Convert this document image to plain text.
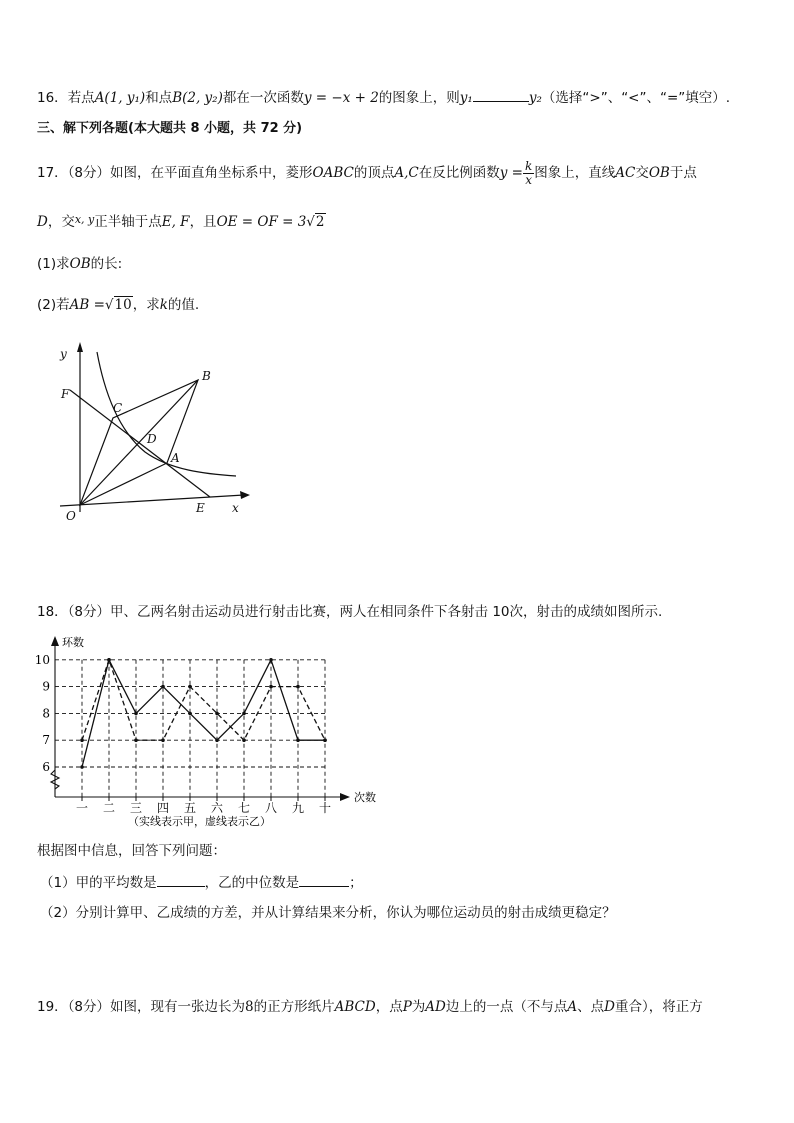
16．若点A(1, y₁)和点B(2, y₂)都在一次函数y = −x + 2的图象上，则y₁	y₂（选择“>”、“<”、“=”填空）.
三、解下列各题(本大题共 8 小题，共 72 分)
17．（8分）如图，在平面直角坐标系中，菱形OABC的顶点A,C在反比例函数$y = \frac{k}{x}$ 图象上，直线AC交OB于点
D，交$^{x, y}$正半轴于点E, F，且OE = OF = 3√2
(1)求OB的长:
(2)若AB =√10，求k的值.
y
x
O
A
B
C
D
E
F
18．（8分）甲、乙两名射击运动员进行射击比赛，两人在相同条件下各射击 10次，射击的成绩如图所示.
环数
次数
6
7
8
9
10
一 二 三 四 五 六 七 八 九 十
（实线表示甲，虚线表示乙）
根据图中信息，回答下列问题：
（1）甲的平均数是	，乙的中位数是	；
（2）分别计算甲、乙成绩的方差，并从计算结果来分析，你认为哪位运动员的射击成绩更稳定？
19．（8分）如图，现有一张边长为8的正方形纸片ABCD，点P为AD边上的一点（不与点A、点D重合），将正方
